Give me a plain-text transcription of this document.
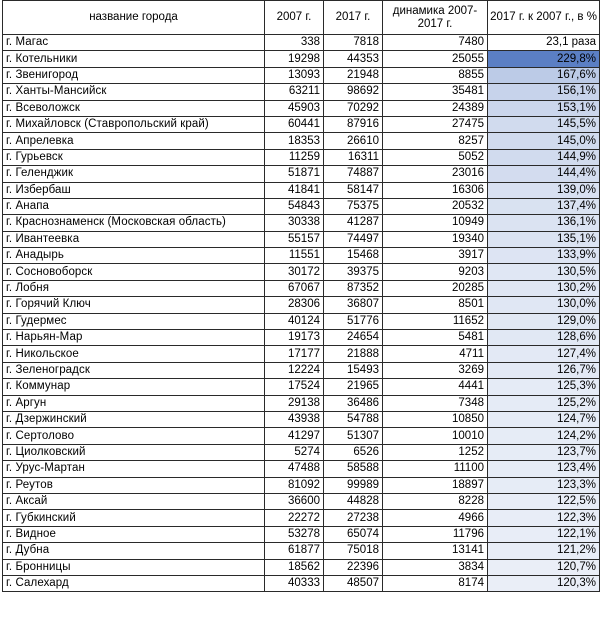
название города	2007 г.	2017 г.	динамика 2007-2017 г.	2017 г. к 2007 г., в %
г. Магас	338	7818	7480	23,1 раза
г. Котельники	19298	44353	25055	229,8%
г. Звенигород	13093	21948	8855	167,6%
г. Ханты-Мансийск	63211	98692	35481	156,1%
г. Всеволожск	45903	70292	24389	153,1%
г. Михайловск (Ставропольский край)	60441	87916	27475	145,5%
г. Апрелевка	18353	26610	8257	145,0%
г. Гурьевск	11259	16311	5052	144,9%
г. Геленджик	51871	74887	23016	144,4%
г. Избербаш	41841	58147	16306	139,0%
г. Анапа	54843	75375	20532	137,4%
г. Краснознаменск (Московская область)	30338	41287	10949	136,1%
г. Ивантеевка	55157	74497	19340	135,1%
г. Анадырь	11551	15468	3917	133,9%
г. Сосновоборск	30172	39375	9203	130,5%
г. Лобня	67067	87352	20285	130,2%
г. Горячий Ключ	28306	36807	8501	130,0%
г. Гудермес	40124	51776	11652	129,0%
г. Нарьян-Мар	19173	24654	5481	128,6%
г. Никольское	17177	21888	4711	127,4%
г. Зеленоградск	12224	15493	3269	126,7%
г. Коммунар	17524	21965	4441	125,3%
г. Аргун	29138	36486	7348	125,2%
г. Дзержинский	43938	54788	10850	124,7%
г. Сертолово	41297	51307	10010	124,2%
г. Циолковский	5274	6526	1252	123,7%
г. Урус-Мартан	47488	58588	11100	123,4%
г. Реутов	81092	99989	18897	123,3%
г. Аксай	36600	44828	8228	122,5%
г. Губкинский	22272	27238	4966	122,3%
г. Видное	53278	65074	11796	122,1%
г. Дубна	61877	75018	13141	121,2%
г. Бронницы	18562	22396	3834	120,7%
г. Салехард	40333	48507	8174	120,3%
